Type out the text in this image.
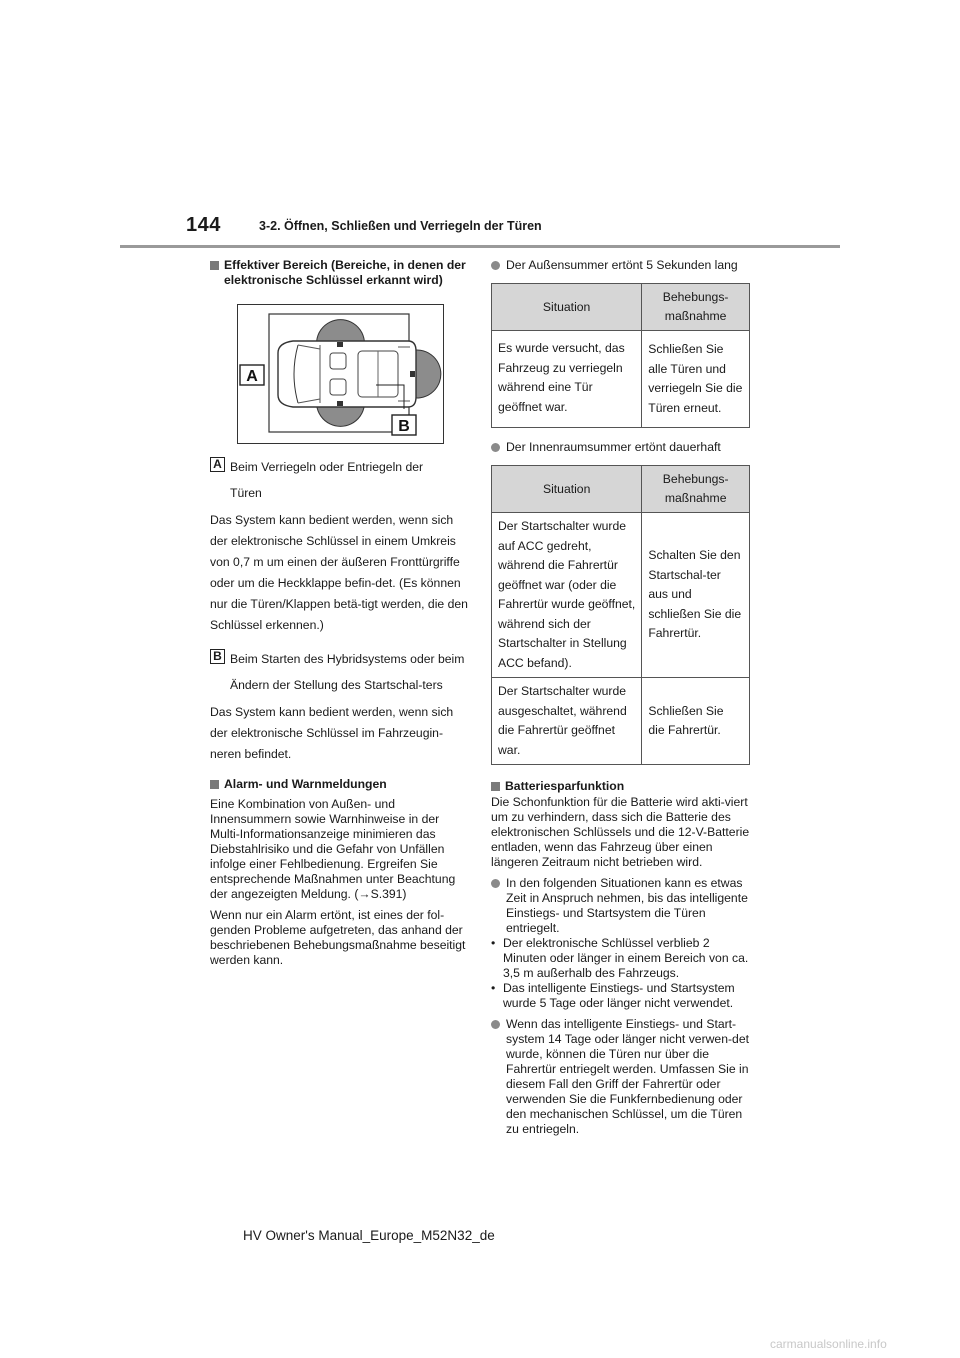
144	3-2. Öffnen, Schließen und Verriegeln der Türen
Effektiver Bereich (Bereiche, in denen der elektronische Schlüssel erkannt wird)
A
B
A Beim Verriegeln oder Entriegeln der Türen

Das System kann bedient werden, wenn sich der elektronische Schlüssel in einem Umkreis von 0,7 m um einen der äußeren Fronttürgriffe oder um die Heckklappe befin-det. (Es können nur die Türen/Klappen betä-tigt werden, die den Schlüssel erkennen.)

B Beim Starten des Hybridsystems oder beim Ändern der Stellung des Startschal-ters

Das System kann bedient werden, wenn sich der elektronische Schlüssel im Fahrzeugin-neren befindet.

Alarm- und Warnmeldungen

Eine Kombination von Außen- und Innensummern sowie Warnhinweise in der Multi-Informationsanzeige minimieren das Diebstahlrisiko und die Gefahr von Unfällen infolge einer Fehlbedienung. Ergreifen Sie entsprechende Maßnahmen unter Beachtung der angezeigten Meldung. (→S.391)

Wenn nur ein Alarm ertönt, ist eines der fol-genden Probleme aufgetreten, das anhand der beschriebenen Behebungsmaßnahme beseitigt werden kann.

Der Außensummer ertönt 5 Sekunden lang
Situation	Behebungs-maßnahme
Es wurde versucht, das Fahrzeug zu verriegeln während eine Tür geöffnet war.	Schließen Sie alle Türen und verriegeln Sie die Türen erneut.
Der Innenraumsummer ertönt dauerhaft
Situation	Behebungs-maßnahme
Der Startschalter wurde auf ACC gedreht, während die Fahrertür geöffnet war (oder die Fahrertür wurde geöffnet, während sich der Startschalter in Stellung ACC befand).	Schalten Sie den Startschal-ter aus und schließen Sie die Fahrertür.
Der Startschalter wurde ausgeschaltet, während die Fahrertür geöffnet war.	Schließen Sie die Fahrertür.
Batteriesparfunktion

Die Schonfunktion für die Batterie wird akti-viert um zu verhindern, dass sich die Batterie des elektronischen Schlüssels und die 12-V-Batterie entladen, wenn das Fahrzeug über einen längeren Zeitraum nicht betrieben wird.

In den folgenden Situationen kann es etwas Zeit in Anspruch nehmen, bis das intelligente Einstiegs- und Startsystem die Türen entriegelt.
• Der elektronische Schlüssel verblieb 2 Minuten oder länger in einem Bereich von ca. 3,5 m außerhalb des Fahrzeugs.
• Das intelligente Einstiegs- und Startsystem wurde 5 Tage oder länger nicht verwendet.
Wenn das intelligente Einstiegs- und Start-system 14 Tage oder länger nicht verwen-det wurde, können die Türen nur über die Fahrertür entriegelt werden. Umfassen Sie in diesem Fall den Griff der Fahrertür oder verwenden Sie die Funkfernbedienung oder den mechanischen Schlüssel, um die Türen zu entriegeln.
HV Owner's Manual_Europe_M52N32_de
carmanualsonline.info
